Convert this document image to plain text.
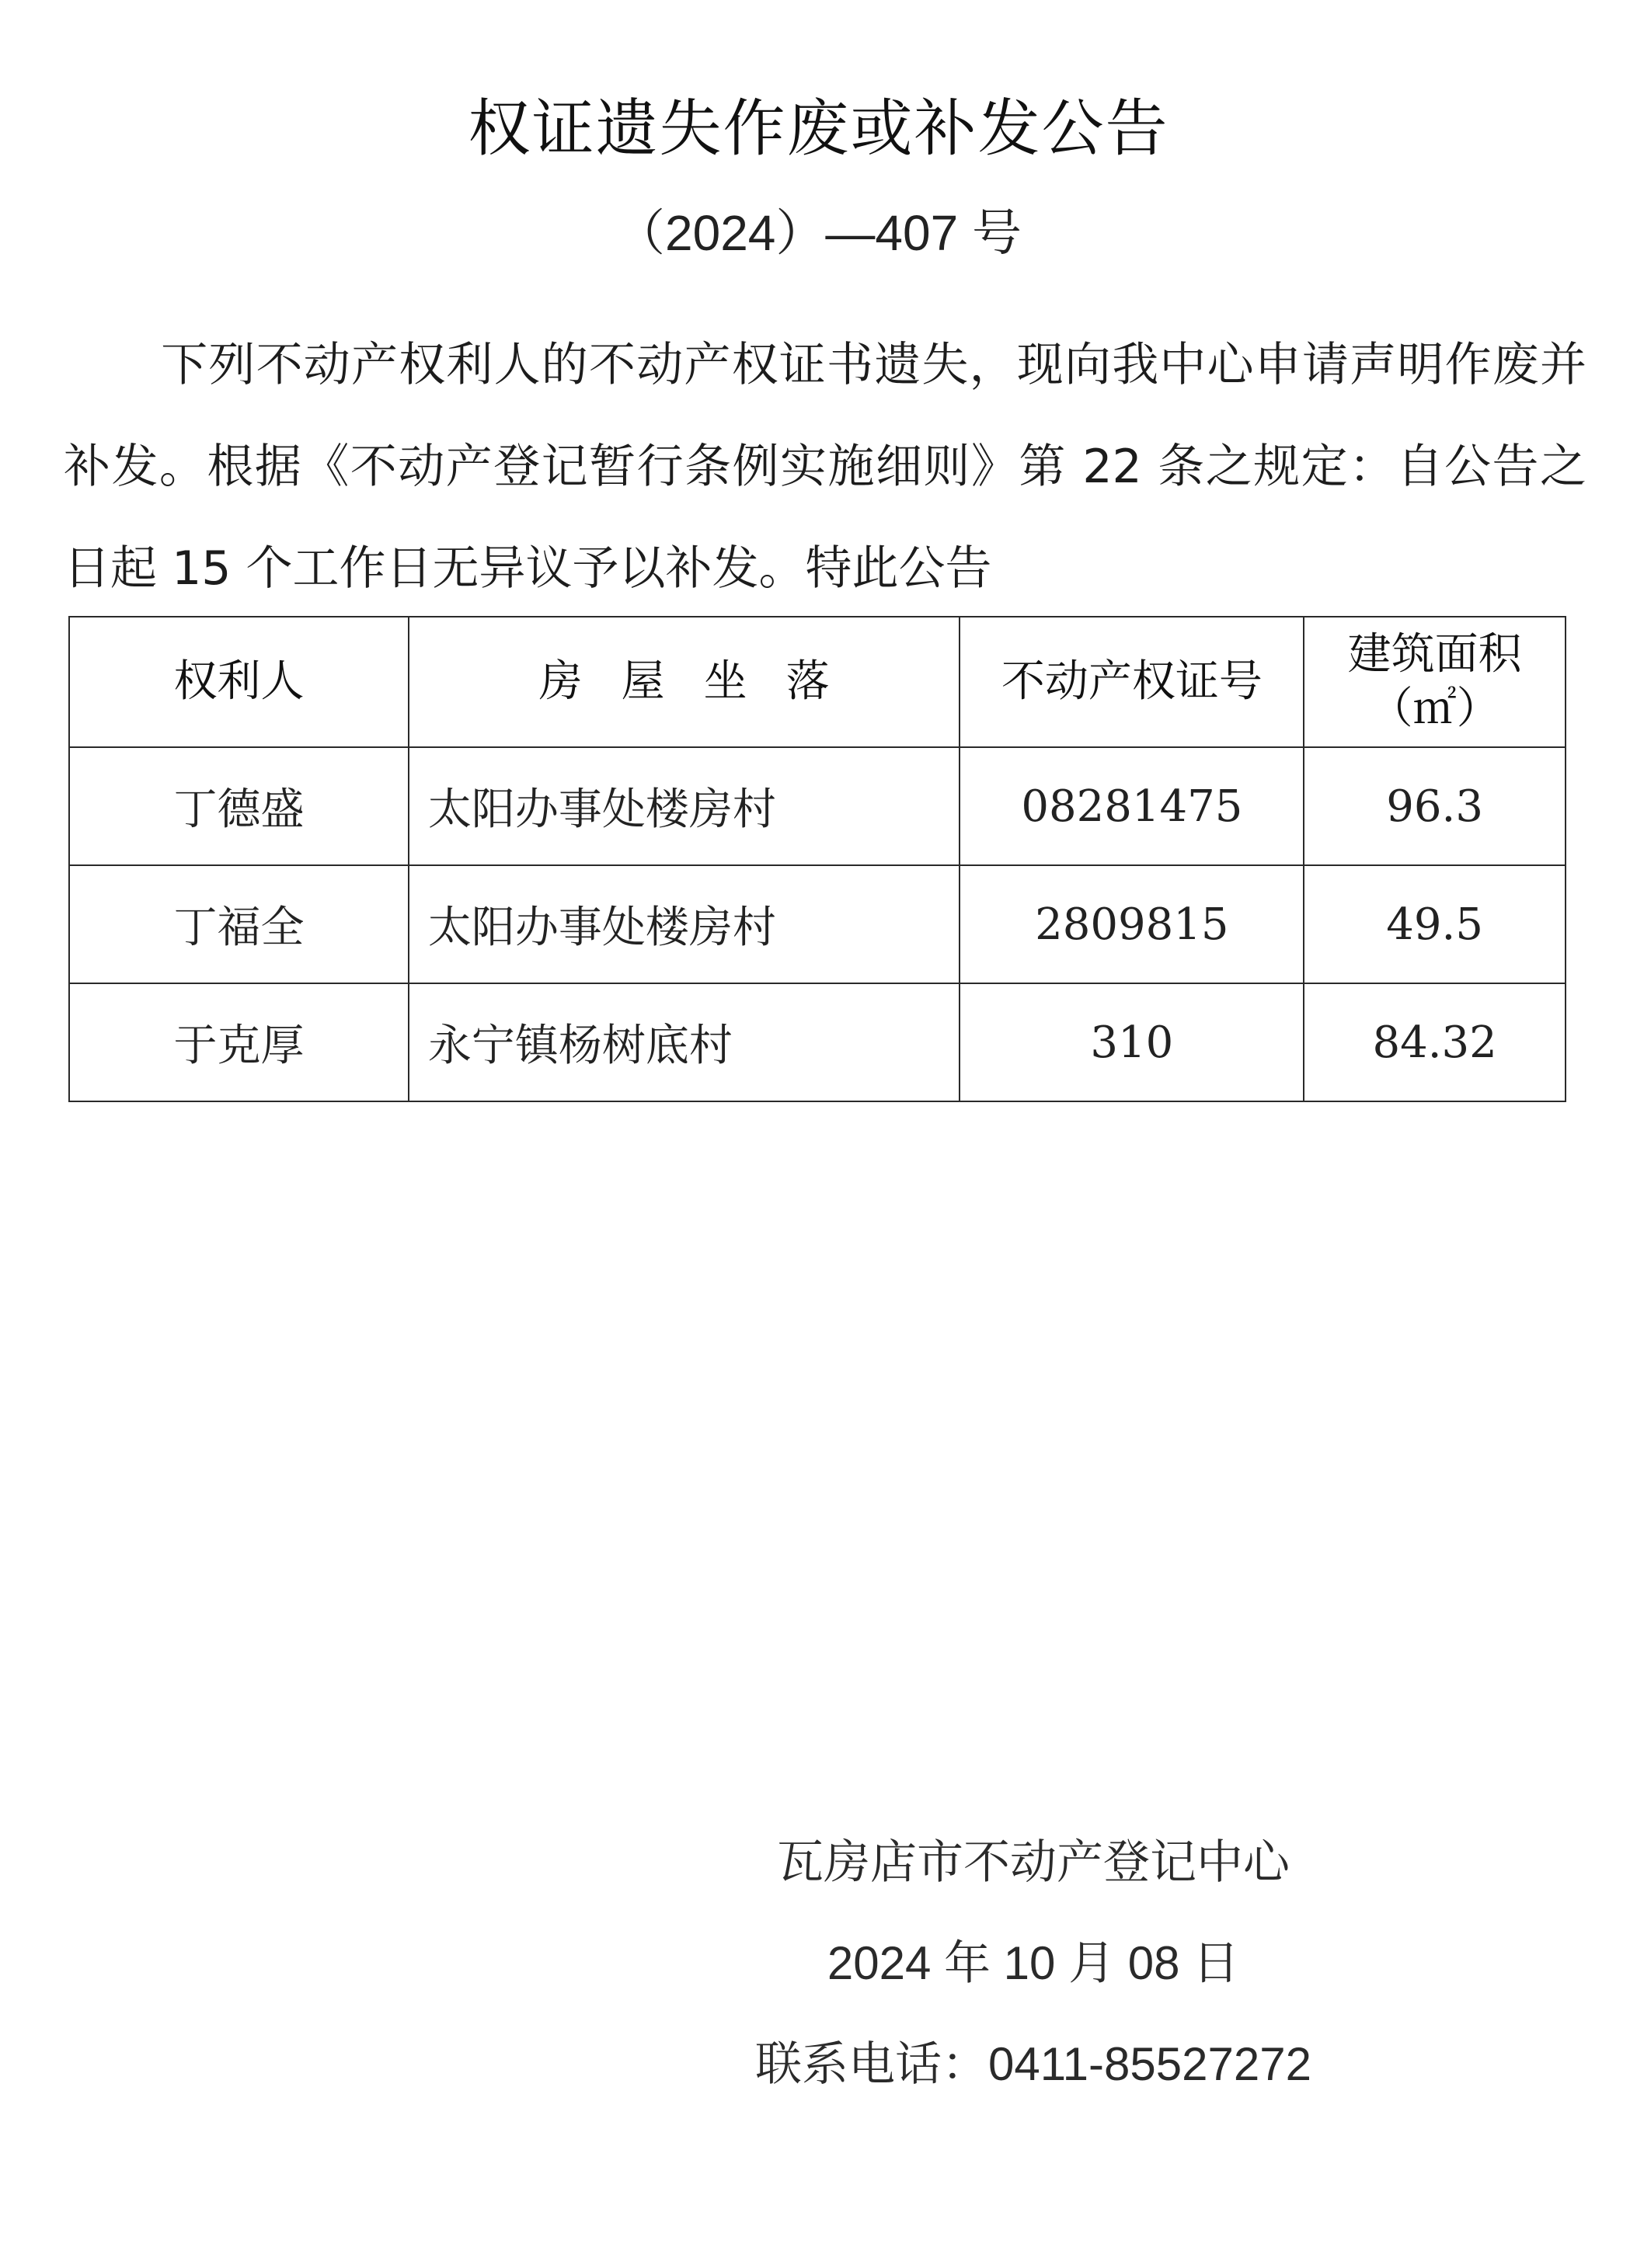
权证遗失作废或补发公告
（2024）—407 号
下列不动产权利人的不动产权证书遗失，现向我中心申请声明作废并补发。根据《不动产登记暂行条例实施细则》第 22 条之规定：自公告之日起 15 个工作日无异议予以补发。特此公告
权利人	房屋坐落	不动产权证号	建筑面积
（㎡）

丁德盛	太阳办事处楼房村	08281475	96.3
丁福全	太阳办事处楼房村	2809815	49.5
于克厚	永宁镇杨树底村	310	84.32
瓦房店市不动产登记中心
2024 年 10 月 08 日
联系电话：0411-85527272
